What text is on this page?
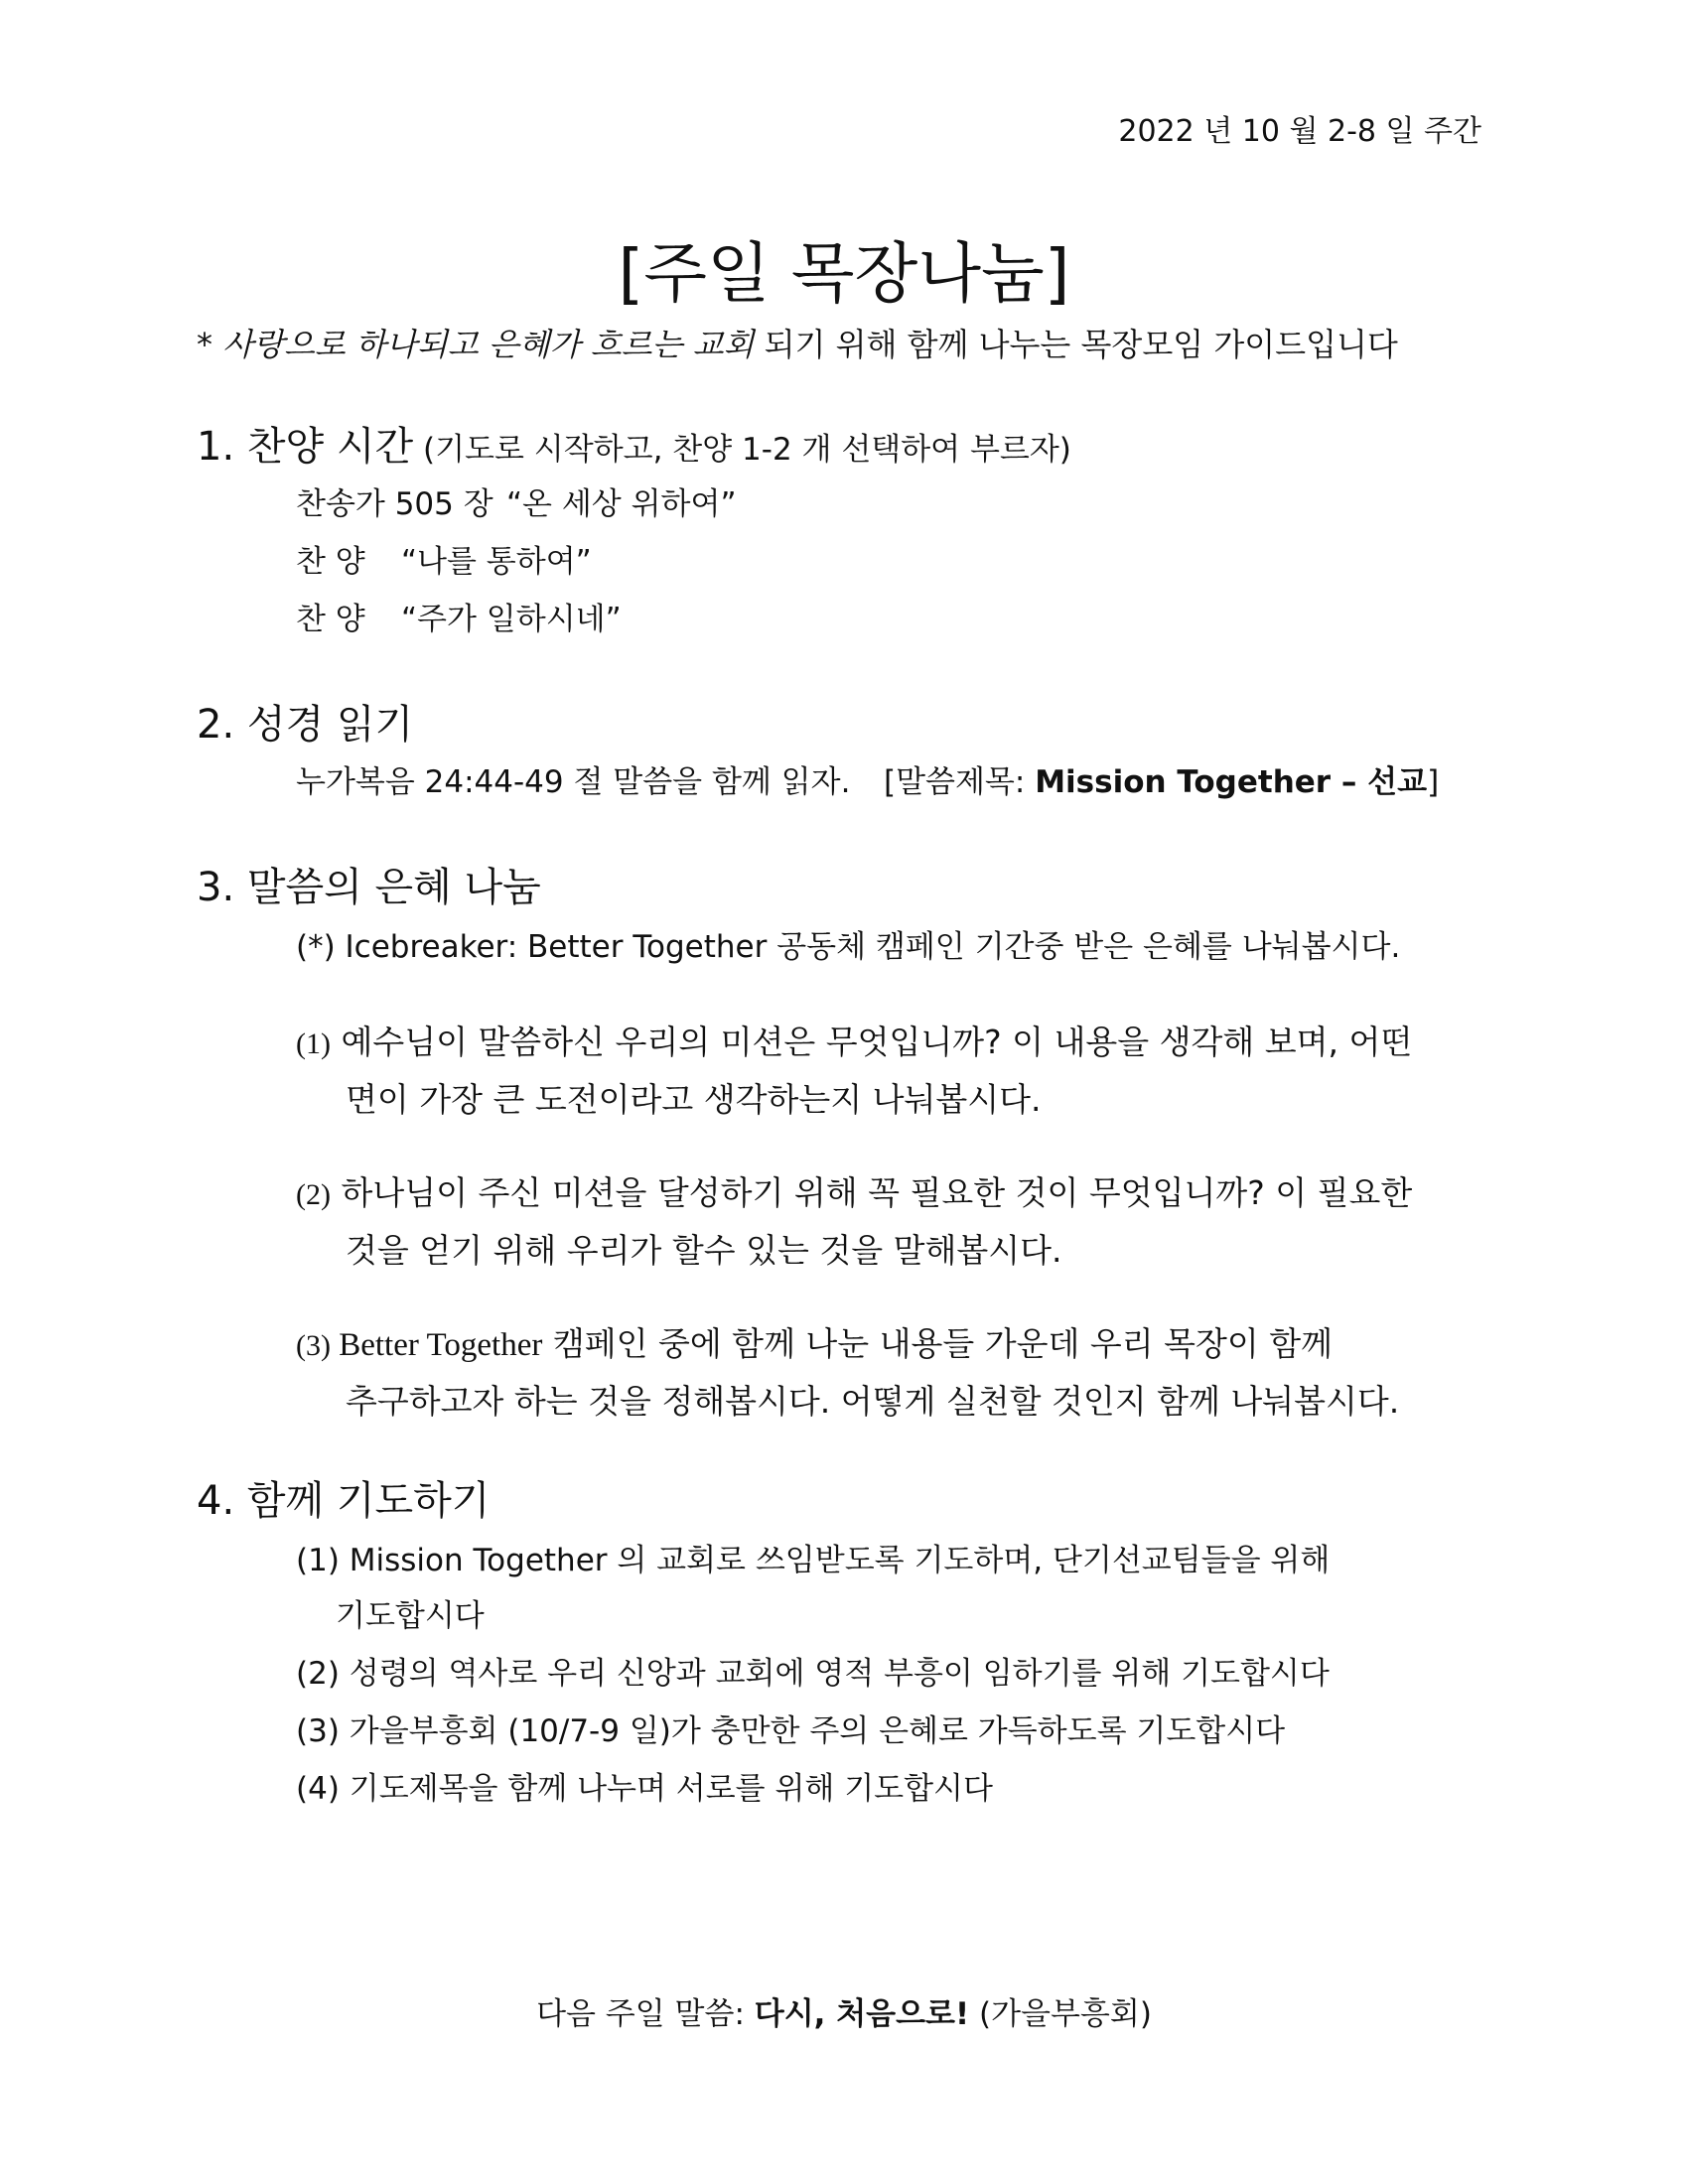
2022 년 10 월 2-8 일 주간
[주일 목장나눔]
* 사랑으로 하나되고 은혜가 흐르는 교회 되기 위해 함께 나누는 목장모임 가이드입니다
1. 찬양 시간 (기도로 시작하고, 찬양 1-2 개 선택하여 부르자)
찬송가 505 장 “온 세상 위하여”
찬 양 “나를 통하여”
찬 양 “주가 일하시네”
2. 성경 읽기
누가복음 24:44-49 절 말씀을 함께 읽자. [말씀제목: Mission Together – 선교]
3. 말씀의 은혜 나눔
(*) Icebreaker: Better Together 공동체 캠페인 기간중 받은 은혜를 나눠봅시다.
(1) 예수님이 말씀하신 우리의 미션은 무엇입니까? 이 내용을 생각해 보며, 어떤
면이 가장 큰 도전이라고 생각하는지 나눠봅시다.
(2) 하나님이 주신 미션을 달성하기 위해 꼭 필요한 것이 무엇입니까? 이 필요한
것을 얻기 위해 우리가 할수 있는 것을 말해봅시다.
(3) Better Together 캠페인 중에 함께 나눈 내용들 가운데 우리 목장이 함께
추구하고자 하는 것을 정해봅시다. 어떻게 실천할 것인지 함께 나눠봅시다.
4. 함께 기도하기
(1) Mission Together 의 교회로 쓰임받도록 기도하며, 단기선교팀들을 위해
기도합시다
(2) 성령의 역사로 우리 신앙과 교회에 영적 부흥이 임하기를 위해 기도합시다
(3) 가을부흥회 (10/7-9 일)가 충만한 주의 은혜로 가득하도록 기도합시다
(4) 기도제목을 함께 나누며 서로를 위해 기도합시다
다음 주일 말씀: 다시, 처음으로! (가을부흥회)
